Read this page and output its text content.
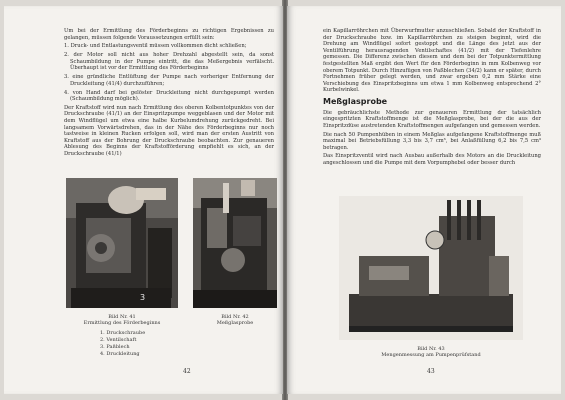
Um bei der Ermittlung des Förderbeginns zu richtigen Ergebnissen zu gelangen, müssen folgende Voraussetzungen erfüllt sein:

1. Druck- und Entlastungsventil müssen vollkommen dicht schließen;

2. der Motor soll nicht aus hoher Drehzahl abgestellt sein, da sonst Schaumbildung in der Pumpe eintritt, die das Meßergebnis verfälscht. Überhaupt ist vor der Ermittlung des Förderbeginns

3. eine gründliche Entlüftung der Pumpe nach vorheriger Entfernung der Druckleitung (41/4) durchzuführen;

4. von Hand darf bei gelöster Druckleitung nicht durchgepumpt werden (Schaumbildung möglich).

Der Kraftstoff wird nun nach Ermittlung des oberen Kolbentotpunktes von der Druckschraube (41/1) an der Einspritzpumpe weggeblasen und der Motor mit dem Windflügel um etwa eine halbe Kurbelumdrehung zurückgedreht. Bei langsamem Vorwärtsdrehen, das in der Nähe des Förderbeginns nur noch tastweise in kleinen Rucken erfolgen soll, wird man der ersten Austritt von Kraftstoff aus der Bohrung der Druckschraube beobachten. Zur genaueren Ablesung des Beginns der Kraftstofförderung empfiehlt es sich, an der Druckschraube (41/1)

3
Bild Nr. 41
Ermittlung des Förderbeginns
Bild Nr. 42
Meßglasprobe
1. Druckschraube
2. Ventilschaft
3. Paßblech
4. Druckleitung
42

ein Kapillarröhrchen mit Überwurfmutter anzuschließen. Sobald der Kraftstoff in der Druckschraube bzw. im Kapillarröhrchen zu steigen beginnt, wird die Drehung am Windflügel sofort gestoppt und die Länge des jetzt aus der Ventilführung herausragenden Ventilschaftes (41/2) mit der Tiefenlehre gemessen. Die Differenz zwischen diesem und dem bei der Totpunktermittlung festgestellten Maß ergibt den Wert für den Förderbeginn in mm Kolbenweg vor oberem Totpunkt. Durch Hinzufügen von Paßblechen (34/2) kann er später, durch Fortnehmen früher gelegt werden, und zwar ergeben 0,2 mm Stärke eine Verschiebung des Einspritzbeginns um etwa 1 mm Kolbenweg entsprechend 2° Kurbelwinkel.

Meßglasprobe

Die gebräuchlichste Methode zur genaueren Ermittlung der tatsächlich eingespritzten Kraftstoffmenge ist die Meßglasprobe, bei der die aus der Einspritzdüse austretenden Kraftstoffmengen aufgefangen und gemessen werden.

Die nach 50 Pumpenhüben in einem Meßglas aufgefangene Kraftstoffmenge muß maximal bei Betriebsfüllung 3,3 bis 3,7 cm³, bei Anlaßfüllung 6,2 bis 7,5 cm³ betragen.

Das Einspritzventil wird nach Ausbau außerhalb des Motors an die Druckleitung angeschlossen und die Pumpe mit dem Vorpumphebel oder besser durch

Bild Nr. 43
Mengenmessung am Pumpenprüfstand
43
